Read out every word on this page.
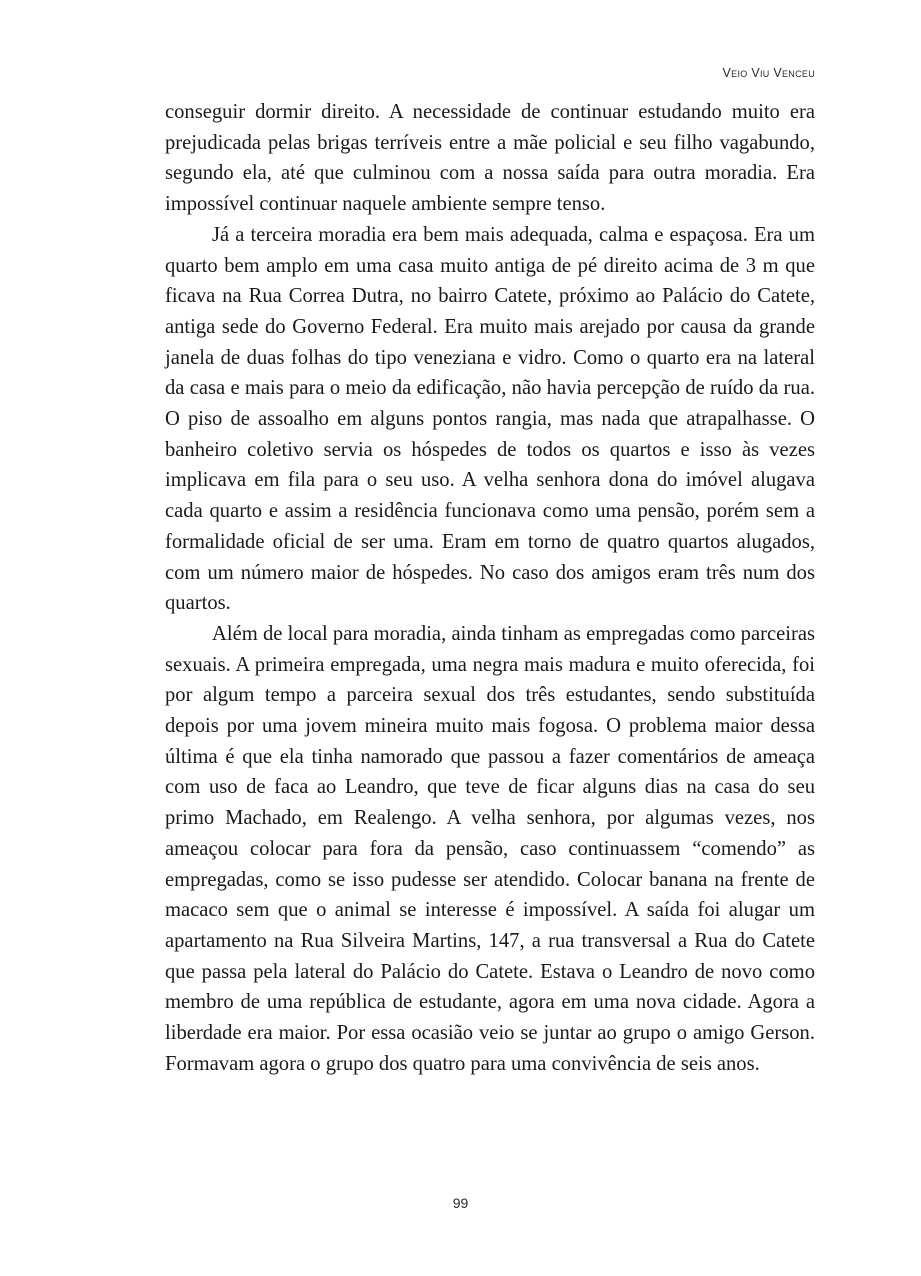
Veio Viu Venceu

conseguir dormir direito. A necessidade de continuar estudando muito era prejudicada pelas brigas terríveis entre a mãe policial e seu filho vagabundo, segundo ela, até que culminou com a nossa saída para outra moradia. Era impossível continuar naquele ambiente sempre tenso.

Já a terceira moradia era bem mais adequada, calma e espaçosa. Era um quarto bem amplo em uma casa muito antiga de pé direito acima de 3 m que ficava na Rua Correa Dutra, no bairro Catete, próximo ao Palácio do Catete, antiga sede do Governo Federal. Era muito mais arejado por causa da grande janela de duas folhas do tipo veneziana e vidro. Como o quarto era na lateral da casa e mais para o meio da edificação, não havia percepção de ruído da rua. O piso de assoalho em alguns pontos rangia, mas nada que atrapalhasse. O banheiro coletivo servia os hóspedes de todos os quartos e isso às vezes implicava em fila para o seu uso. A velha senhora dona do imóvel alugava cada quarto e assim a residência funcionava como uma pensão, porém sem a formalidade oficial de ser uma. Eram em torno de quatro quartos alugados, com um número maior de hóspedes. No caso dos amigos eram três num dos quartos.

Além de local para moradia, ainda tinham as empregadas como parceiras sexuais. A primeira empregada, uma negra mais madura e muito oferecida, foi por algum tempo a parceira sexual dos três estudantes, sendo substituída depois por uma jovem mineira muito mais fogosa. O problema maior dessa última é que ela tinha namorado que passou a fazer comentários de ameaça com uso de faca ao Leandro, que teve de ficar alguns dias na casa do seu primo Machado, em Realengo. A velha senhora, por algumas vezes, nos ameaçou colocar para fora da pensão, caso continuassem “comendo” as empregadas, como se isso pudesse ser atendido. Colocar banana na frente de macaco sem que o animal se interesse é impossível. A saída foi alugar um apartamento na Rua Silveira Martins, 147, a rua transversal a Rua do Catete que passa pela lateral do Palácio do Catete. Estava o Leandro de novo como membro de uma república de estudante, agora em uma nova cidade. Agora a liberdade era maior. Por essa ocasião veio se juntar ao grupo o amigo Gerson. Formavam agora o grupo dos quatro para uma convivência de seis anos.

99
